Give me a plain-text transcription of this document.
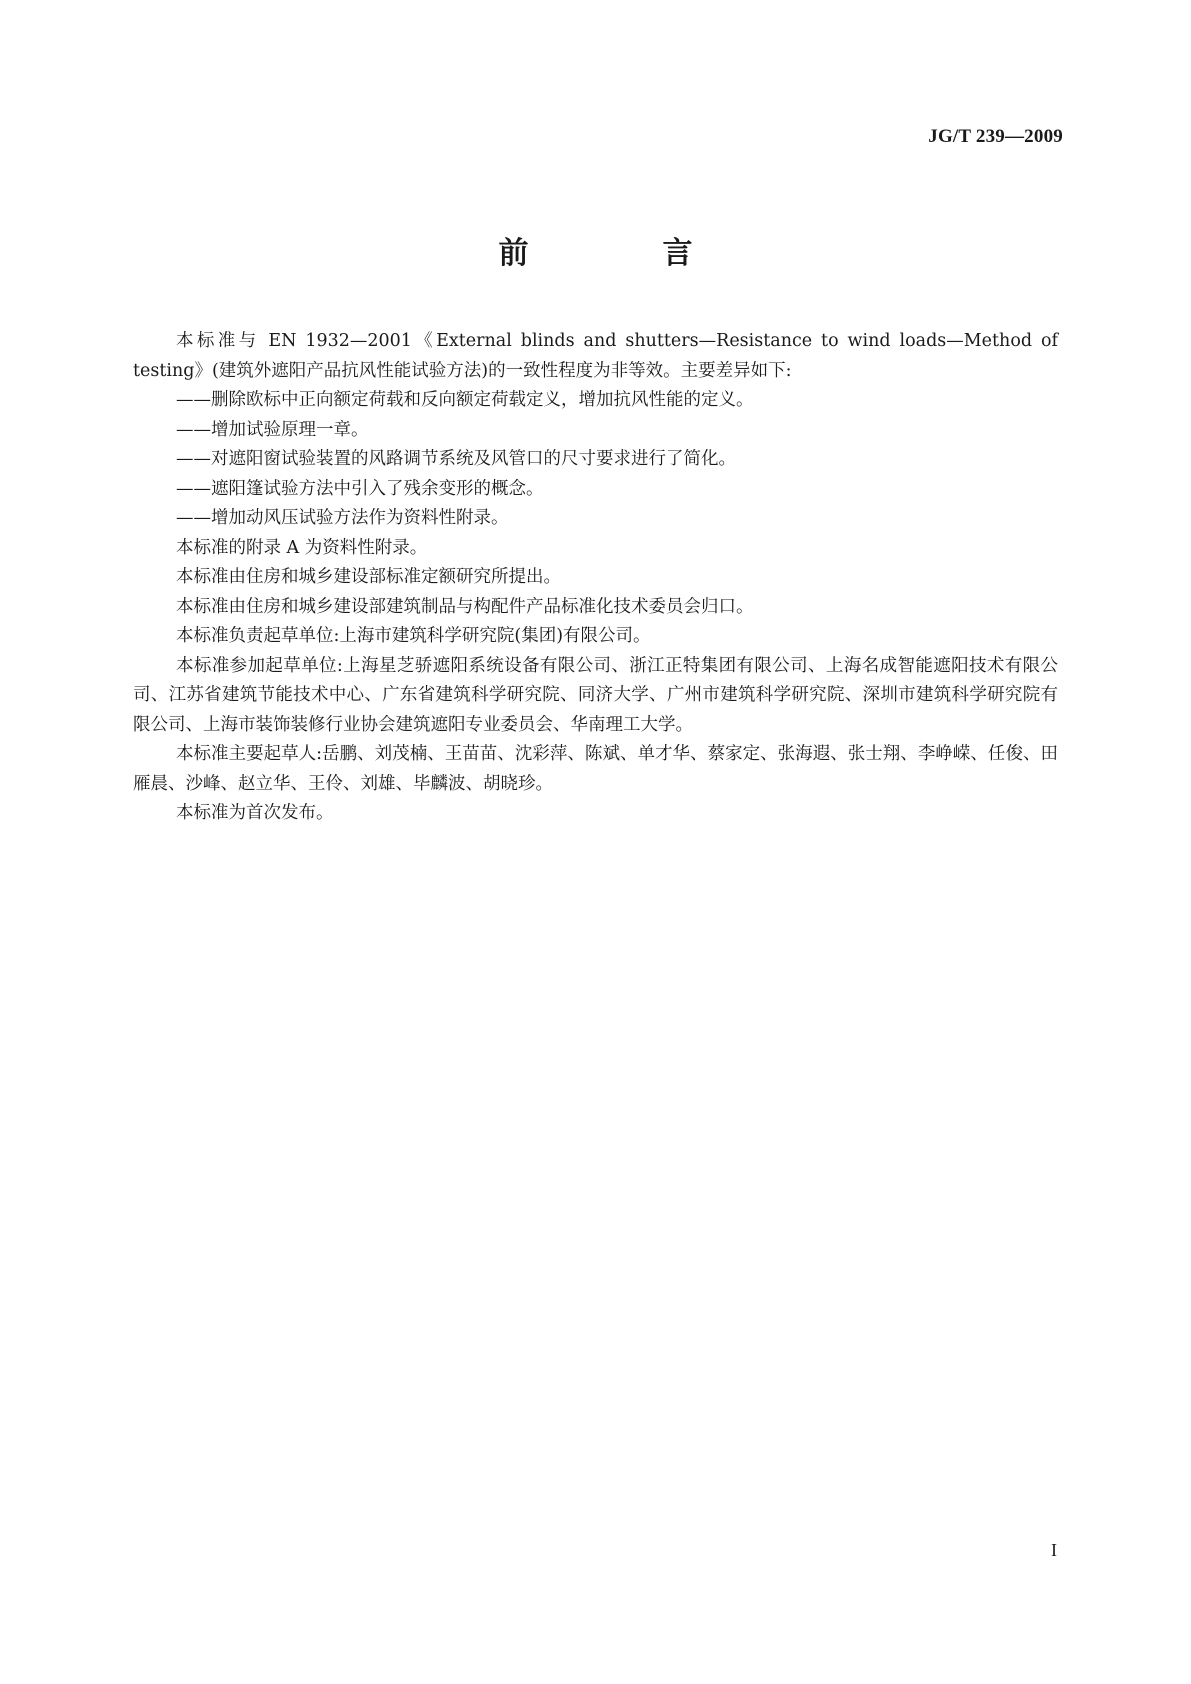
JG/T 239—2009
前　言

本标准与 EN 1932—2001《External blinds and shutters—Resistance to wind loads—Method of testing》(建筑外遮阳产品抗风性能试验方法)的一致性程度为非等效。主要差异如下:

——删除欧标中正向额定荷载和反向额定荷载定义，增加抗风性能的定义。

——增加试验原理一章。

——对遮阳窗试验装置的风路调节系统及风管口的尺寸要求进行了简化。

——遮阳篷试验方法中引入了残余变形的概念。

——增加动风压试验方法作为资料性附录。

本标准的附录 A 为资料性附录。

本标准由住房和城乡建设部标准定额研究所提出。

本标准由住房和城乡建设部建筑制品与构配件产品标准化技术委员会归口。

本标准负责起草单位:上海市建筑科学研究院(集团)有限公司。

本标准参加起草单位:上海星芝骄遮阳系统设备有限公司、浙江正特集团有限公司、上海名成智能遮阳技术有限公司、江苏省建筑节能技术中心、广东省建筑科学研究院、同济大学、广州市建筑科学研究院、深圳市建筑科学研究院有限公司、上海市装饰装修行业协会建筑遮阳专业委员会、华南理工大学。

本标准主要起草人:岳鹏、刘茂楠、王苗苗、沈彩萍、陈斌、单才华、蔡家定、张海遐、张士翔、李峥嵘、任俊、田雁晨、沙峰、赵立华、王伶、刘雄、毕麟波、胡晓珍。

本标准为首次发布。

I
